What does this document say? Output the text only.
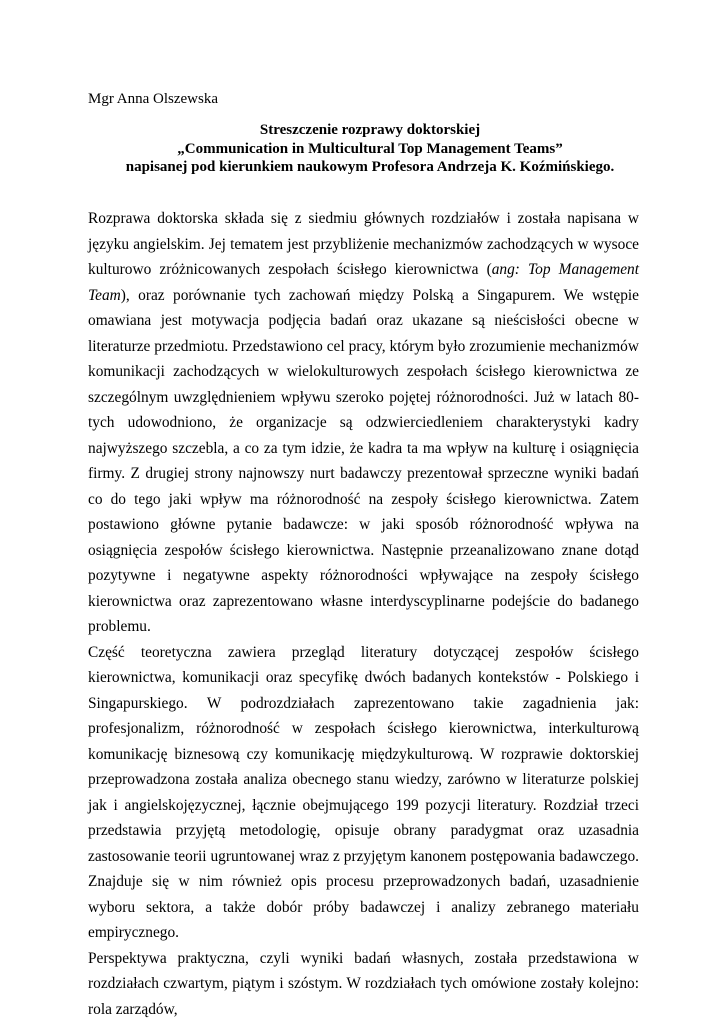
Mgr Anna Olszewska

Streszczenie rozprawy doktorskiej
„Communication in Multicultural Top Management Teams”
napisanej pod kierunkiem naukowym Profesora Andrzeja K. Koźmińskiego.

Rozprawa doktorska składa się z siedmiu głównych rozdziałów i została napisana w języku angielskim. Jej tematem jest przybliżenie mechanizmów zachodzących w wysoce kulturowo zróżnicowanych zespołach ścisłego kierownictwa (ang: Top Management Team), oraz porównanie tych zachowań między Polską a Singapurem. We wstępie omawiana jest motywacja podjęcia badań oraz ukazane są nieścisłości obecne w literaturze przedmiotu. Przedstawiono cel pracy, którym było zrozumienie mechanizmów komunikacji zachodzących w wielokulturowych zespołach ścisłego kierownictwa ze szczególnym uwzględnieniem wpływu szeroko pojętej różnorodności. Już w latach 80-tych udowodniono, że organizacje są odzwierciedleniem charakterystyki kadry najwyższego szczebla, a co za tym idzie, że kadra ta ma wpływ na kulturę i osiągnięcia firmy. Z drugiej strony najnowszy nurt badawczy prezentował sprzeczne wyniki badań co do tego jaki wpływ ma różnorodność na zespoły ścisłego kierownictwa. Zatem postawiono główne pytanie badawcze: w jaki sposób różnorodność wpływa na osiągnięcia zespołów ścisłego kierownictwa. Następnie przeanalizowano znane dotąd pozytywne i negatywne aspekty różnorodności wpływające na zespoły ścisłego kierownictwa oraz zaprezentowano własne interdyscyplinarne podejście do badanego problemu.

Część teoretyczna zawiera przegląd literatury dotyczącej zespołów ścisłego kierownictwa, komunikacji oraz specyfikę dwóch badanych kontekstów - Polskiego i Singapurskiego. W podrozdziałach zaprezentowano takie zagadnienia jak: profesjonalizm, różnorodność w zespołach ścisłego kierownictwa, interkulturową komunikację biznesową czy komunikację międzykulturową. W rozprawie doktorskiej przeprowadzona została analiza obecnego stanu wiedzy, zarówno w literaturze polskiej jak i angielskojęzycznej, łącznie obejmującego 199 pozycji literatury. Rozdział trzeci przedstawia przyjętą metodologię, opisuje obrany paradygmat oraz uzasadnia zastosowanie teorii ugruntowanej wraz z przyjętym kanonem postępowania badawczego. Znajduje się w nim również opis procesu przeprowadzonych badań, uzasadnienie wyboru sektora, a także dobór próby badawczej i analizy zebranego materiału empirycznego.

Perspektywa praktyczna, czyli wyniki badań własnych, została przedstawiona w rozdziałach czwartym, piątym i szóstym. W rozdziałach tych omówione zostały kolejno: rola zarządów,
